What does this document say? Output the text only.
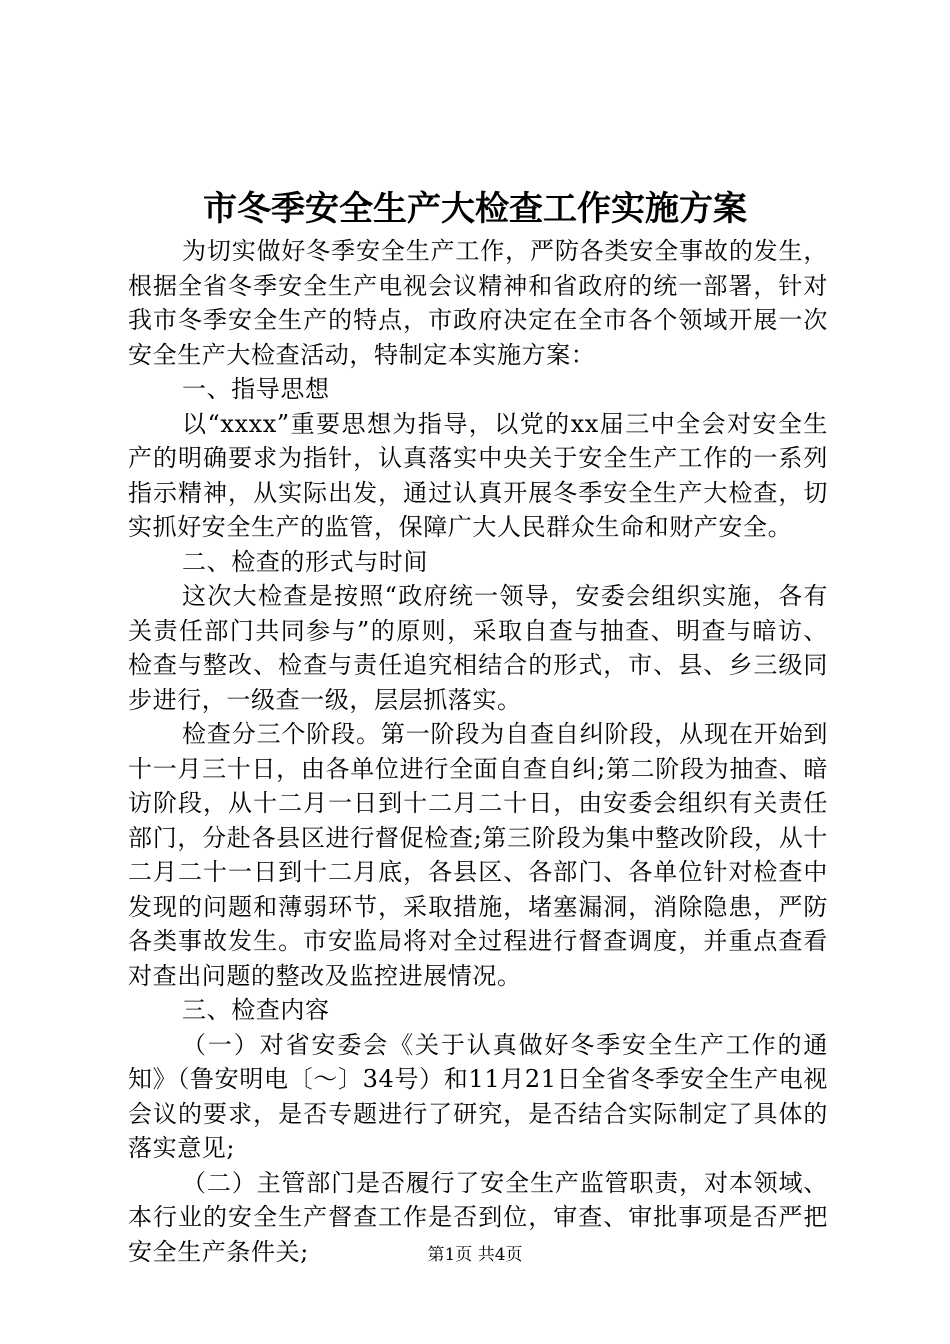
市冬季安全生产大检查工作实施方案

为切实做好冬季安全生产工作，严防各类安全事故的发生，根据全省冬季安全生产电视会议精神和省政府的统一部署，针对我市冬季安全生产的特点，市政府决定在全市各个领域开展一次安全生产大检查活动，特制定本实施方案：

一、指导思想

以“xxxx”重要思想为指导，以党的xx届三中全会对安全生产的明确要求为指针，认真落实中央关于安全生产工作的一系列指示精神，从实际出发，通过认真开展冬季安全生产大检查，切实抓好安全生产的监管，保障广大人民群众生命和财产安全。

二、检查的形式与时间

这次大检查是按照“政府统一领导，安委会组织实施，各有关责任部门共同参与”的原则，采取自查与抽查、明查与暗访、检查与整改、检查与责任追究相结合的形式，市、县、乡三级同步进行，一级查一级，层层抓落实。

检查分三个阶段。第一阶段为自查自纠阶段，从现在开始到十一月三十日，由各单位进行全面自查自纠;第二阶段为抽查、暗访阶段，从十二月一日到十二月二十日，由安委会组织有关责任部门，分赴各县区进行督促检查;第三阶段为集中整改阶段，从十二月二十一日到十二月底，各县区、各部门、各单位针对检查中发现的问题和薄弱环节，采取措施，堵塞漏洞，消除隐患，严防各类事故发生。市安监局将对全过程进行督查调度，并重点查看对查出问题的整改及监控进展情况。

三、检查内容

（一）对省安委会《关于认真做好冬季安全生产工作的通知》（鲁安明电〔～〕34号）和11月21日全省冬季安全生产电视会议的要求，是否专题进行了研究，是否结合实际制定了具体的落实意见;

（二）主管部门是否履行了安全生产监管职责，对本领域、本行业的安全生产督查工作是否到位，审查、审批事项是否严把安全生产条件关;	第1页 共4页
